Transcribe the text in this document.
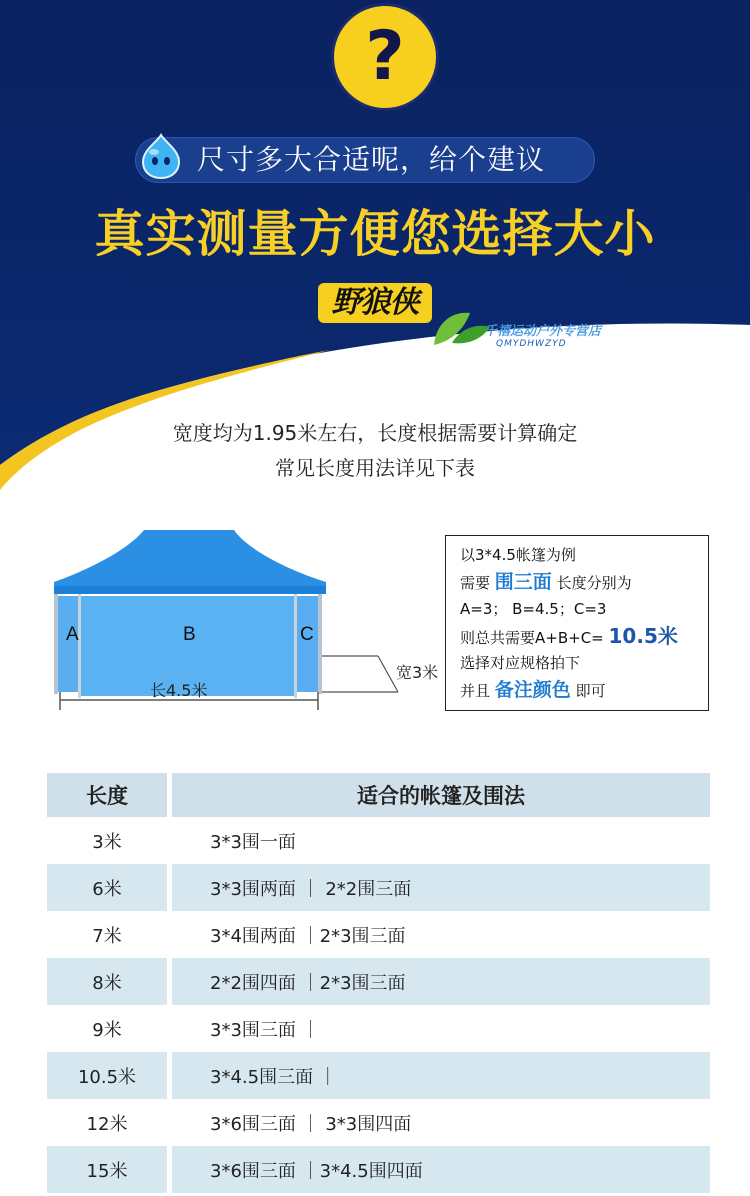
?
尺寸多大合适呢，给个建议
真实测量方便您选择大小
野狼侠
千禧运动户外专营店
QMYDHWZYD
宽度均为1.95米左右，长度根据需要计算确定
常见长度用法详见下表
A	B	C
长4.5米
宽3米
以3*4.5帐篷为例
需要 围三面 长度分别为
A=3； B=4.5；C=3
则总共需要A+B+C= 10.5米
选择对应规格拍下
并且 备注颜色 即可
长度	适合的帐篷及围法
3米	3*3围一面
6米	3*3围两面 ｜ 2*2围三面
7米	3*4围两面 ｜2*3围三面
8米	2*2围四面 ｜2*3围三面
9米	3*3围三面 ｜
10.5米	3*4.5围三面 ｜
12米	3*6围三面 ｜ 3*3围四面
15米	3*6围三面 ｜3*4.5围四面
